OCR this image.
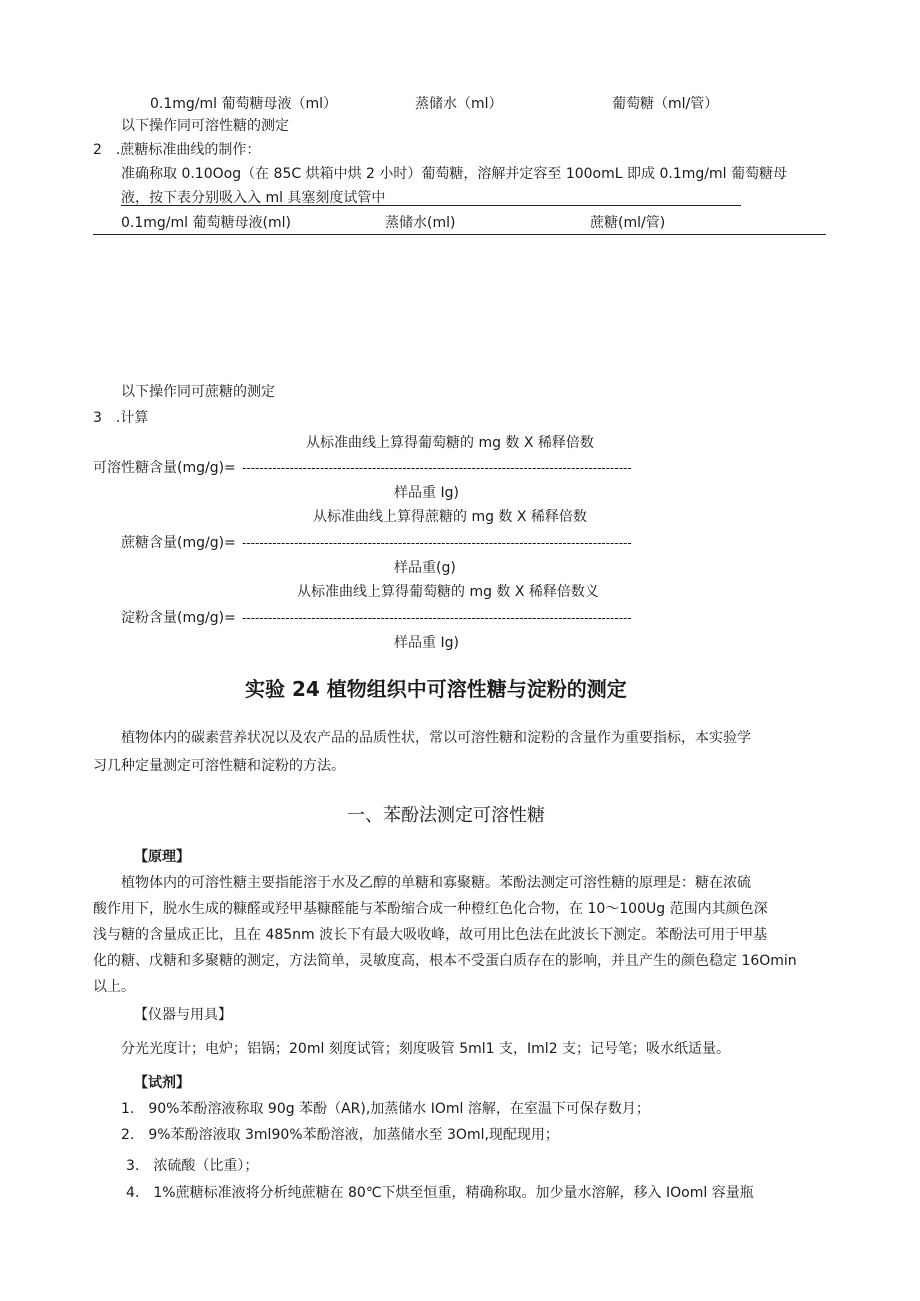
0.1mg/ml 葡萄糖母液（ml）	蒸储水（ml）	葡萄糖（ml/管）
以下操作同可溶性糖的测定
2　.蔗糖标准曲线的制作：
准确称取 0.10Oog（在 85C 烘箱中烘 2 小时）葡萄糖，溶解并定容至 100omL 即成 0.1mg/ml 葡萄糖母
液，按下表分别吸入入 ml 具塞刻度试管中
0.1mg/ml 葡萄糖母液(ml)	蒸储水(ml)	蔗糖(ml/管)
以下操作同可蔗糖的测定
3　.计算
从标准曲线上算得葡萄糖的 mg 数 X 稀释倍数
可溶性糖含量(mg/g)= ------------------------------------------------------------------------------------------
样品重 Ig)
从标准曲线上算得蔗糖的 mg 数 X 稀释倍数
蔗糖含量(mg/g)= ------------------------------------------------------------------------------------------
样品重(g)
从标准曲线上算得葡萄糖的 mg 数 X 稀释倍数义
淀粉含量(mg/g)= ------------------------------------------------------------------------------------------
样品重 Ig)
实验 24 植物组织中可溶性糖与淀粉的测定
植物体内的碳素营养状况以及农产品的品质性状，常以可溶性糖和淀粉的含量作为重要指标，本实验学
习几种定量测定可溶性糖和淀粉的方法。
一、苯酚法测定可溶性糖
【原理】
植物体内的可溶性糖主要指能溶于水及乙醇的单糖和寡聚糖。苯酚法测定可溶性糖的原理是：糖在浓硫
酸作用下，脱水生成的糠醛或羟甲基糠醛能与苯酚缩合成一种橙红色化合物，在 10～100Ug 范围内其颜色深
浅与糖的含量成正比，且在 485nm 波长下有最大吸收峰，故可用比色法在此波长下测定。苯酚法可用于甲基
化的糖、戊糖和多聚糖的测定，方法简单，灵敏度高，根本不受蛋白质存在的影响，并且产生的颜色稳定 16Omin
以上。
【仪器与用具】
分光光度计；电炉；铝锅；20ml 刻度试管；刻度吸管 5ml1 支，Iml2 支；记号笔；吸水纸适量。
【试剂】
1.　90%苯酚溶液称取 90g 苯酚（AR),加蒸储水 IOml 溶解，在室温下可保存数月；
2.　9%苯酚溶液取 3ml90%苯酚溶液，加蒸储水至 3Oml,现配现用；
3.　浓硫酸（比重）；
4.　1%蔗糖标准液将分析纯蔗糖在 80℃下烘至恒重，精确称取。加少量水溶解，移入 IOoml 容量瓶
